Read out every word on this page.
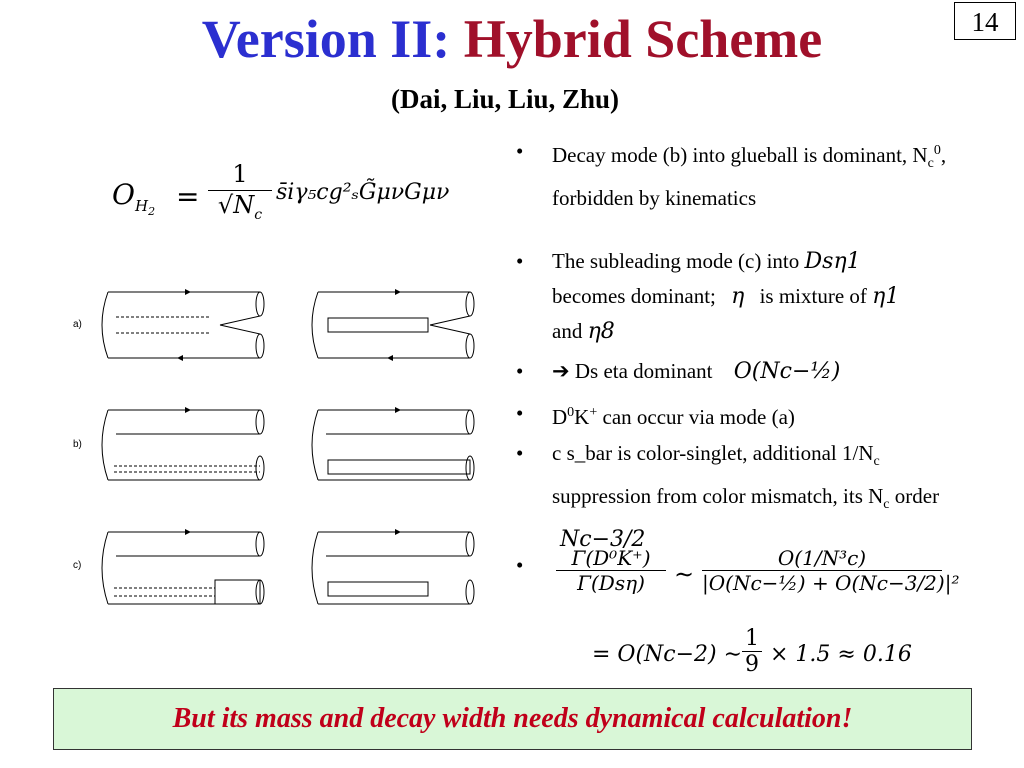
Version II: Hybrid Scheme	14
(Dai, Liu, Liu, Zhu)
$O_{H_2}$ =
1
$√N_c$
s̄iγ₅cg²ₛG̃μνGμν
a)
b)
c)
• Decay mode (b) into glueball is dominant, $N_c^0$, forbidden by kinematics
• The subleading mode (c) into Dsη1
becomes dominant; η is mixture of η1
and η8
• ➔ Ds eta dominant O(Nc−½)
• $D^0K^+$ can occur via mode (a)
• c s_bar is color-singlet, additional $1/N_c$ suppression from color mismatch, its $N_c$ order Nc−3/2
•	Γ(D⁰K⁺)
Γ(Dsη)	∼ $\frac{\text{O(1/N³c)}}{\text{|O(Nc−½) + O(Nc−3/2)|²}}$
= O(Nc−2) ∼ $\frac{1}{9} \times 1.5 \approx 0.16$
But its mass and decay width needs dynamical calculation!
